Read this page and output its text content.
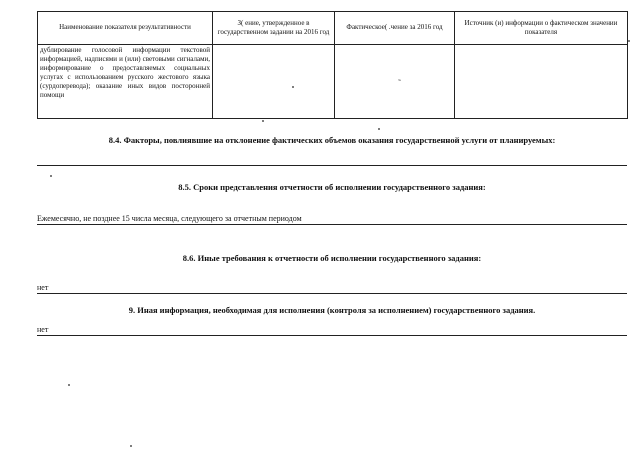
Наименование показателя результативности	З( ение, утвержденное в государственном задании на 2016 год	Фактическое( .чение за 2016 год	Источник (и) информации о фактическом значении показателя
дублирование голосовой информации текстовой информацией, надписями и (или) световыми сигналами, информирование о предоставляемых социальных услугах с использованием русского жестового языка (сурдоперевода); оказание иных видов посторонней помощи			
˜
8.4. Факторы, повлиявшие на отклонение фактических объемов оказания государственной услуги от планируемых:
8.5. Сроки представления отчетности об исполнении государственного задания:
Ежемесячно, не позднее 15 числа месяца, следующего за отчетным периодом
8.6. Иные требования к отчетности об исполнении государственного задания:
нет
9. Иная информация, необходимая для исполнения (контроля за исполнением) государственного задания.
нет
